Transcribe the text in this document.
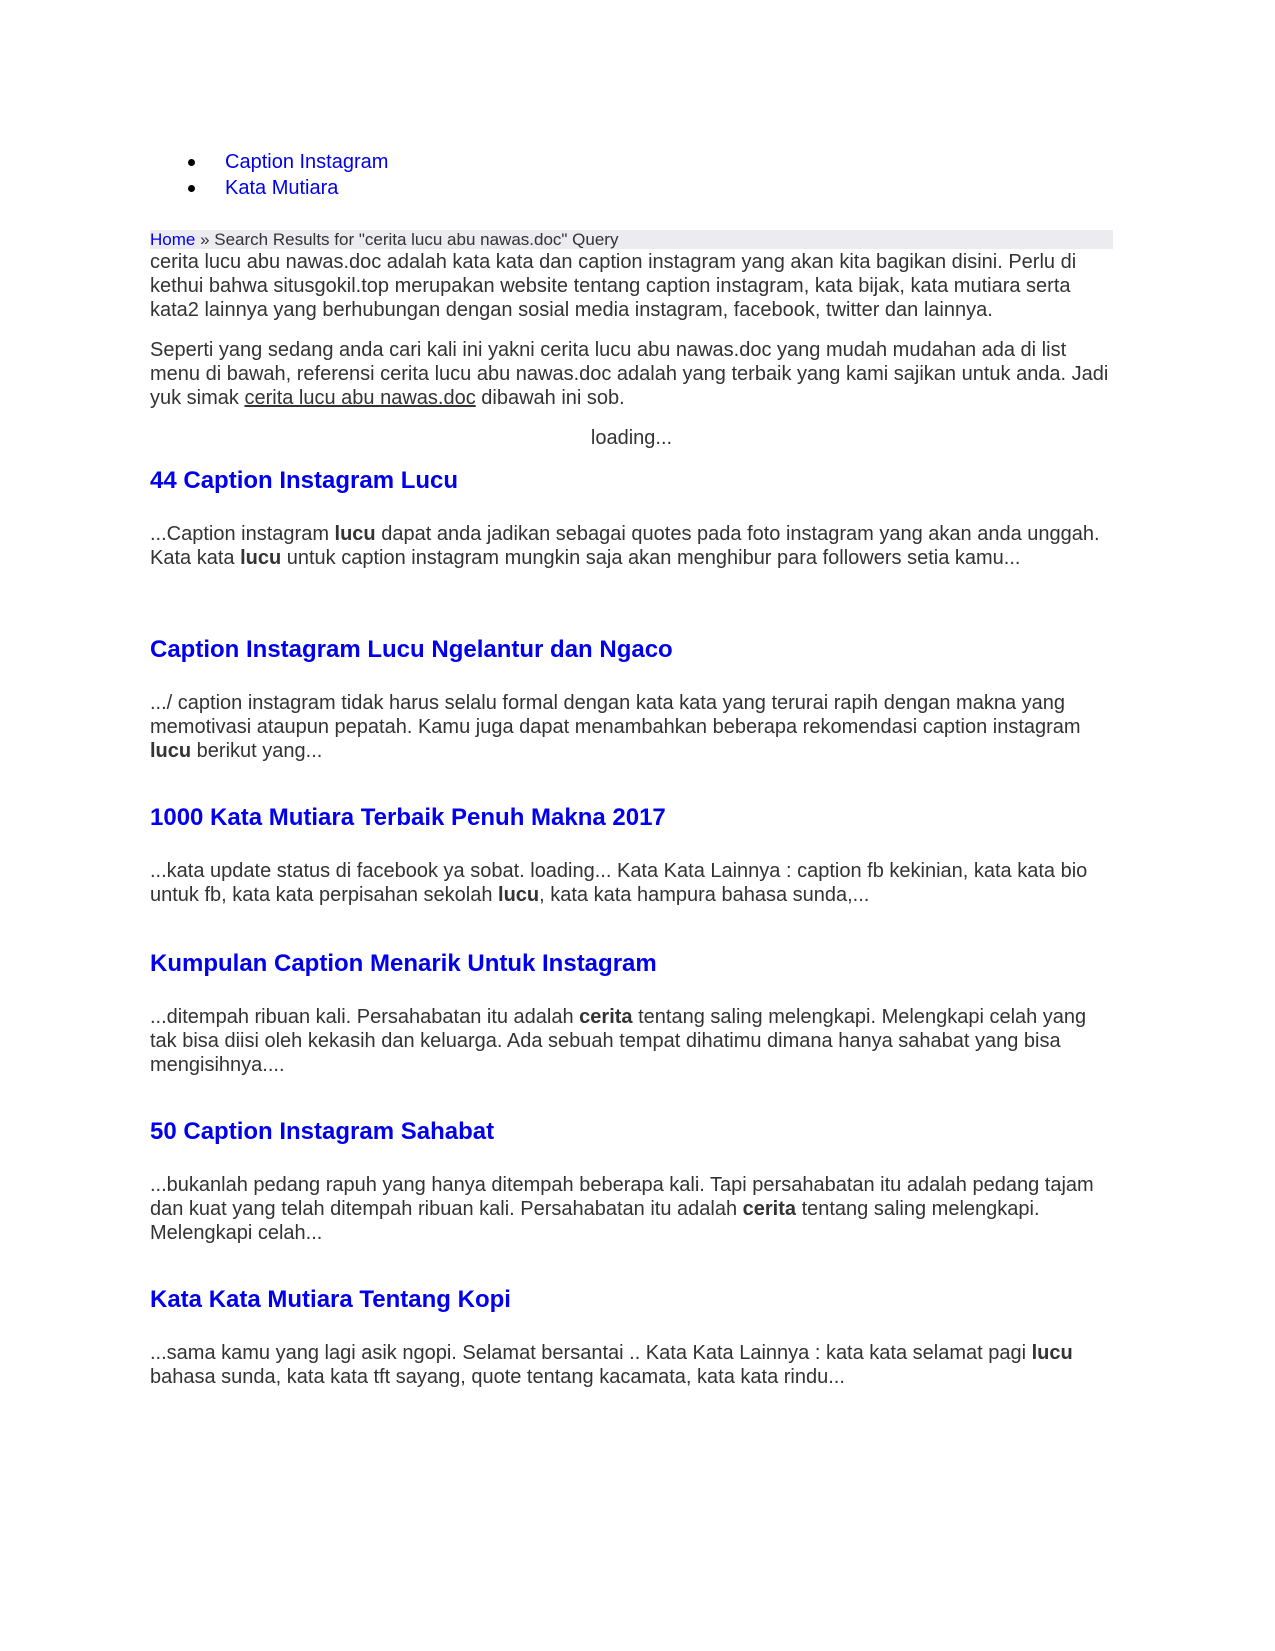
Caption Instagram
Kata Mutiara
Home » Search Results for "cerita lucu abu nawas.doc" Query

cerita lucu abu nawas.doc adalah kata kata dan caption instagram yang akan kita bagikan disini. Perlu di kethui bahwa situsgokil.top merupakan website tentang caption instagram, kata bijak, kata mutiara serta kata2 lainnya yang berhubungan dengan sosial media instagram, facebook, twitter dan lainnya.

Seperti yang sedang anda cari kali ini yakni cerita lucu abu nawas.doc yang mudah mudahan ada di list menu di bawah, referensi cerita lucu abu nawas.doc adalah yang terbaik yang kami sajikan untuk anda. Jadi yuk simak cerita lucu abu nawas.doc dibawah ini sob.

loading...
44 Caption Instagram Lucu

...Caption instagram lucu dapat anda jadikan sebagai quotes pada foto instagram yang akan anda unggah. Kata kata lucu untuk caption instagram mungkin saja akan menghibur para followers setia kamu...

Caption Instagram Lucu Ngelantur dan Ngaco

.../ caption instagram tidak harus selalu formal dengan kata kata yang terurai rapih dengan makna yang memotivasi ataupun pepatah. Kamu juga dapat menambahkan beberapa rekomendasi caption instagram lucu berikut yang...

1000 Kata Mutiara Terbaik Penuh Makna 2017

...kata update status di facebook ya sobat. loading... Kata Kata Lainnya : caption fb kekinian, kata kata bio untuk fb, kata kata perpisahan sekolah lucu, kata kata hampura bahasa sunda,...

Kumpulan Caption Menarik Untuk Instagram

...ditempah ribuan kali. Persahabatan itu adalah cerita tentang saling melengkapi. Melengkapi celah yang tak bisa diisi oleh kekasih dan keluarga. Ada sebuah tempat dihatimu dimana hanya sahabat yang bisa mengisihnya....

50 Caption Instagram Sahabat

...bukanlah pedang rapuh yang hanya ditempah beberapa kali. Tapi persahabatan itu adalah pedang tajam dan kuat yang telah ditempah ribuan kali. Persahabatan itu adalah cerita tentang saling melengkapi. Melengkapi celah...

Kata Kata Mutiara Tentang Kopi

...sama kamu yang lagi asik ngopi. Selamat bersantai .. Kata Kata Lainnya : kata kata selamat pagi lucu bahasa sunda, kata kata tft sayang, quote tentang kacamata, kata kata rindu...
